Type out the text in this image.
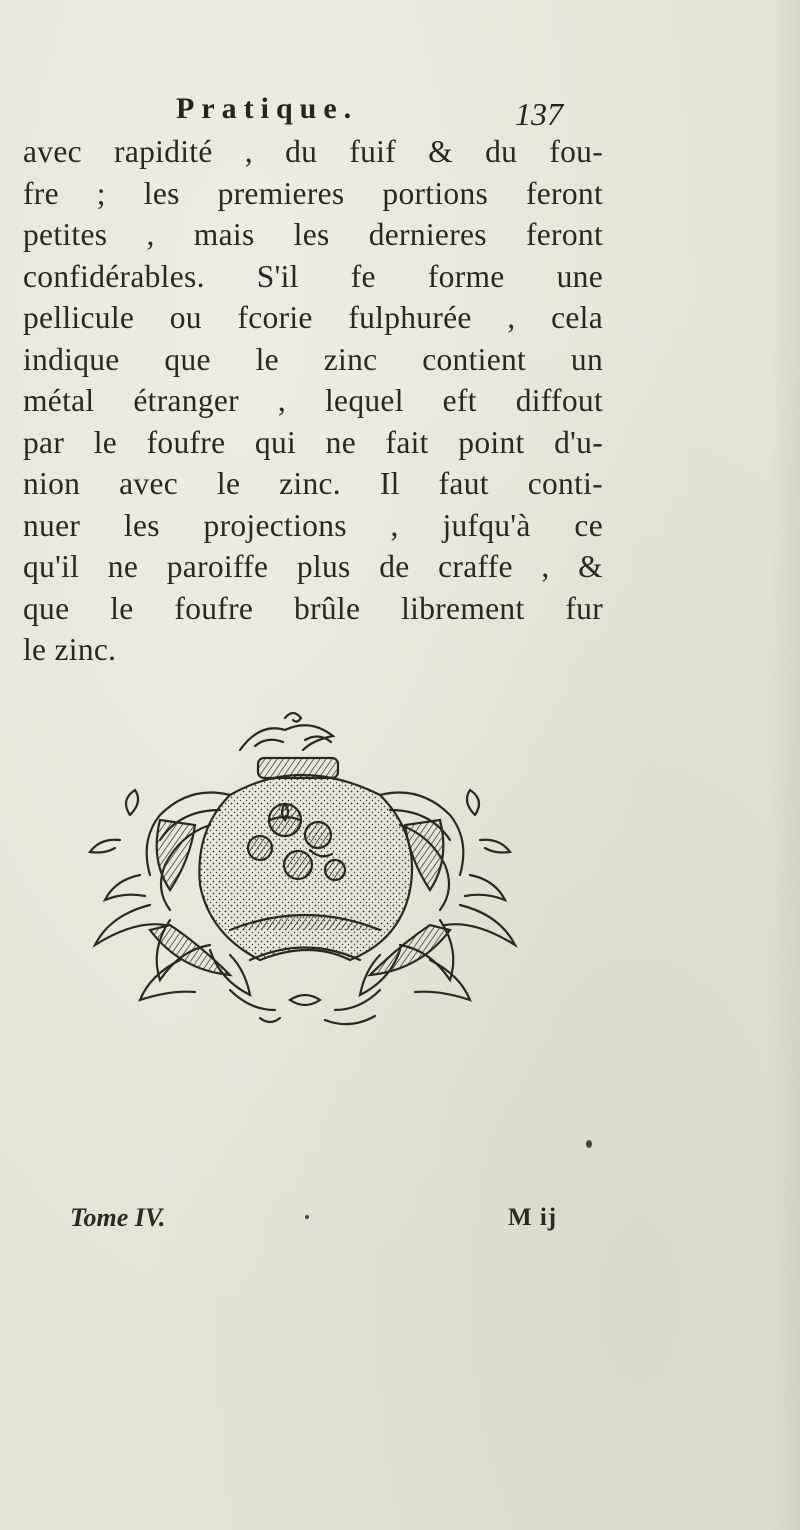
Pratique.	137
avec rapidité , du fuif & du fou-
fre ; les premieres portions feront
petites , mais les dernieres feront
confidérables. S'il fe forme une
pellicule ou fcorie fulphurée , cela
indique que le zinc contient un
métal étranger , lequel eft diffout
par le foufre qui ne fait point d'u-
nion avec le zinc. Il faut conti-
nuer les projections , jufqu'à ce
qu'il ne paroiffe plus de craffe , &
que le foufre brûle librement fur
le zinc.
Tome IV.	M ij
